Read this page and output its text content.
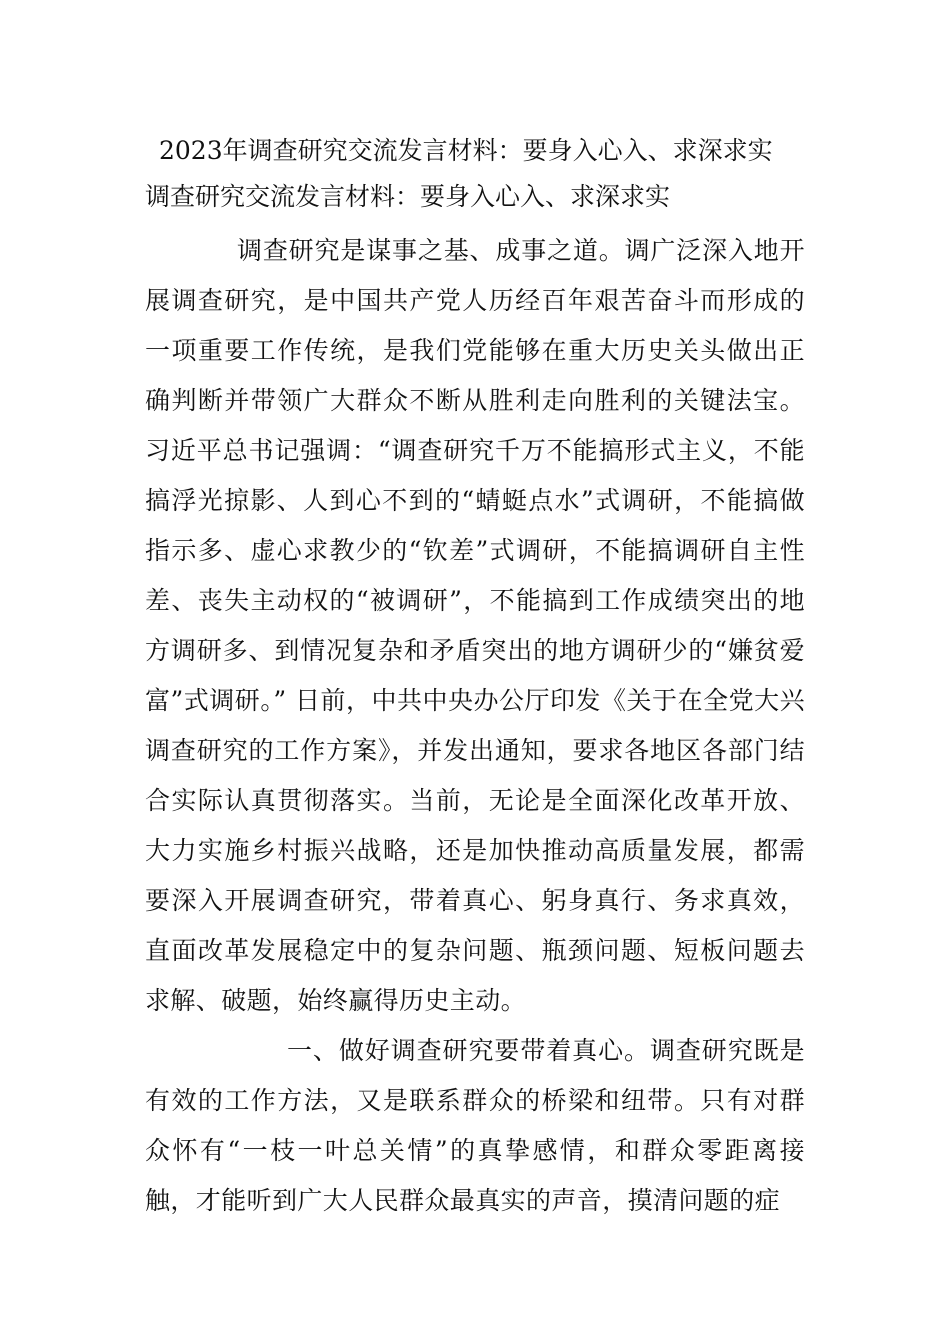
2023年调查研究交流发言材料：要身入心入、求深求实
调查研究交流发言材料：要身入心入、求深求实

调查研究是谋事之基、成事之道。调广泛深入地开展调查研究，是中国共产党人历经百年艰苦奋斗而形成的一项重要工作传统，是我们党能够在重大历史关头做出正确判断并带领广大群众不断从胜利走向胜利的关键法宝。习近平总书记强调：“调查研究千万不能搞形式主义，不能搞浮光掠影、人到心不到的“蜻蜓点水”式调研，不能搞做指示多、虚心求教少的“钦差”式调研，不能搞调研自主性差、丧失主动权的“被调研”，不能搞到工作成绩突出的地方调研多、到情况复杂和矛盾突出的地方调研少的“嫌贫爱富”式调研。” 日前，中共中央办公厅印发《关于在全党大兴调查研究的工作方案》，并发出通知，要求各地区各部门结合实际认真贯彻落实。当前，无论是全面深化改革开放、大力实施乡村振兴战略，还是加快推动高质量发展，都需要深入开展调查研究，带着真心、躬身真行、务求真效，直面改革发展稳定中的复杂问题、瓶颈问题、短板问题去求解、破题，始终赢得历史主动。

一、做好调查研究要带着真心。调查研究既是有效的工作方法，又是联系群众的桥梁和纽带。只有对群众怀有“一枝一叶总关情”的真挚感情，和群众零距离接触，才能听到广大人民群众最真实的声音，摸清问题的症
